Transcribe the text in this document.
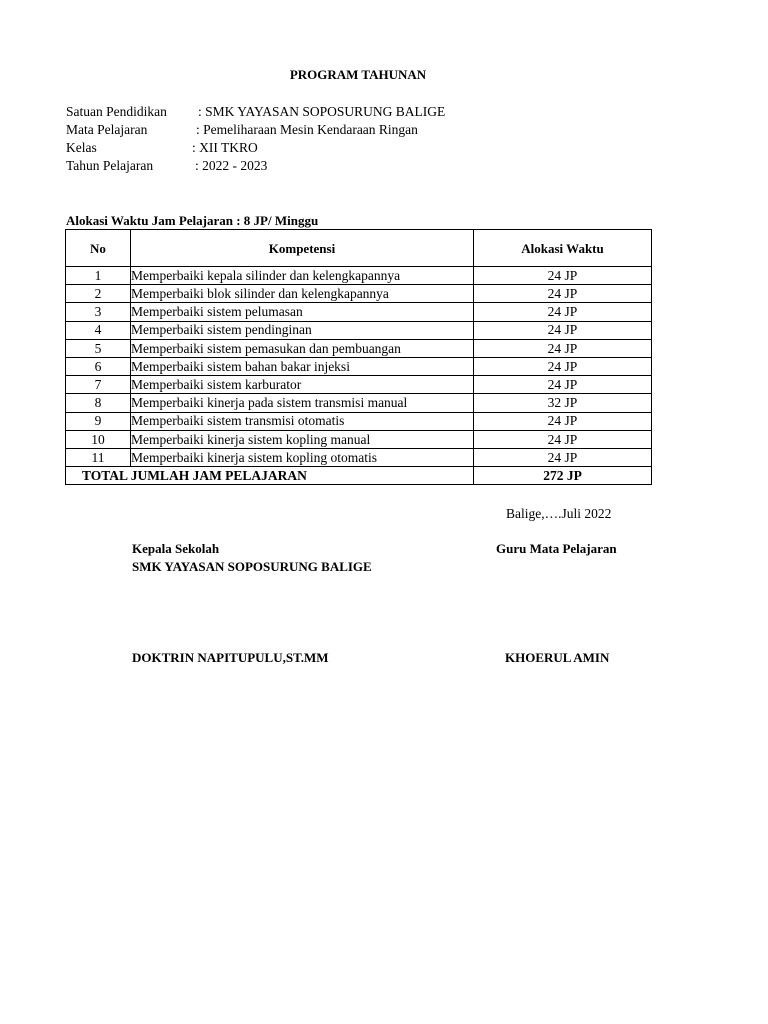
PROGRAM TAHUNAN
Satuan Pendidikan : SMK YAYASAN SOPOSURUNG BALIGE
Mata Pelajaran	: Pemeliharaan Mesin Kendaraan Ringan
Kelas	: XII TKRO
Tahun Pelajaran	: 2022 - 2023
Alokasi Waktu Jam Pelajaran : 8 JP/ Minggu
No	Kompetensi	Alokasi Waktu
1	Memperbaiki kepala silinder dan kelengkapannya	24 JP
2	Memperbaiki blok silinder dan kelengkapannya	24 JP
3	Memperbaiki sistem pelumasan	24 JP
4	Memperbaiki sistem pendinginan	24 JP
5	Memperbaiki sistem pemasukan dan pembuangan	24 JP
6	Memperbaiki sistem bahan bakar injeksi	24 JP
7	Memperbaiki sistem karburator	24 JP
8	Memperbaiki kinerja pada sistem transmisi manual	32 JP
9	Memperbaiki sistem transmisi otomatis	24 JP
10	Memperbaiki kinerja sistem kopling manual	24 JP
11	Memperbaiki kinerja sistem kopling otomatis	24 JP
TOTAL JUMLAH JAM PELAJARAN		272 JP
Balige,….Juli 2022
Kepala Sekolah
SMK YAYASAN SOPOSURUNG BALIGE
Guru Mata Pelajaran
DOKTRIN NAPITUPULU,ST.MM	KHOERUL AMIN
